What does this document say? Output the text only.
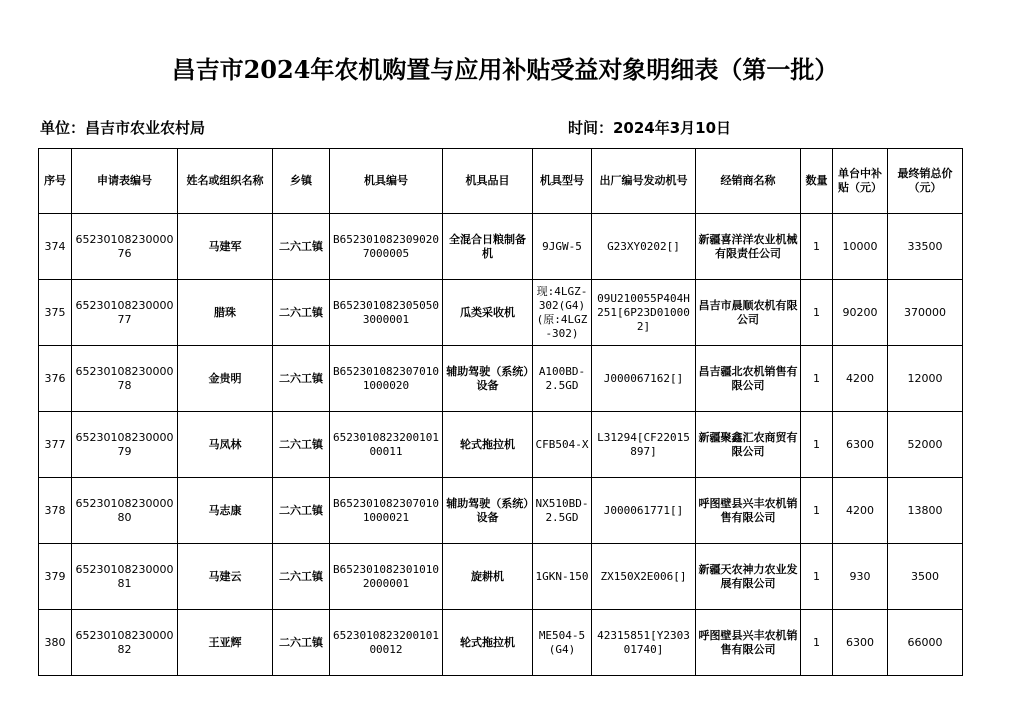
昌吉市2024年农机购置与应用补贴受益对象明细表（第一批）
单位：昌吉市农业农村局	时间：2024年3月10日
序号	申请表编号	姓名或组织名称	乡镇	机具编号	机具品目	机具型号	出厂编号发动机号	经销商名称	数量	单台中补贴（元）	最终销总价（元）
374	6523010823000076	马建军	二六工镇	B6523010823090207000005	全混合日粮制备机	9JGW-5	G23XY0202[]	新疆喜洋洋农业机械有限责任公司	1	10000	33500
375	6523010823000077	腊珠	二六工镇	B6523010823050503000001	瓜类采收机	现:4LGZ-302(G4)(原:4LGZ-302)	09U210055P404H251[6P23D010002]	昌吉市晨顺农机有限公司	1	90200	370000
376	6523010823000078	金贵明	二六工镇	B6523010823070101000020	辅助驾驶（系统）设备	A100BD-2.5GD	J000067162[]	昌吉疆北农机销售有限公司	1	4200	12000
377	6523010823000079	马凤林	二六工镇	652301082320010100011	轮式拖拉机	CFB504-X	L31294[CF22015897]	新疆聚鑫汇农商贸有限公司	1	6300	52000
378	6523010823000080	马志康	二六工镇	B6523010823070101000021	辅助驾驶（系统）设备	NX510BD-2.5GD	J000061771[]	呼图壁县兴丰农机销售有限公司	1	4200	13800
379	6523010823000081	马建云	二六工镇	B6523010823010102000001	旋耕机	1GKN-150	ZX150X2E006[]	新疆天农神力农业发展有限公司	1	930	3500
380	6523010823000082	王亚辉	二六工镇	652301082320010100012	轮式拖拉机	ME504-5(G4)	42315851[Y230301740]	呼图壁县兴丰农机销售有限公司	1	6300	66000
